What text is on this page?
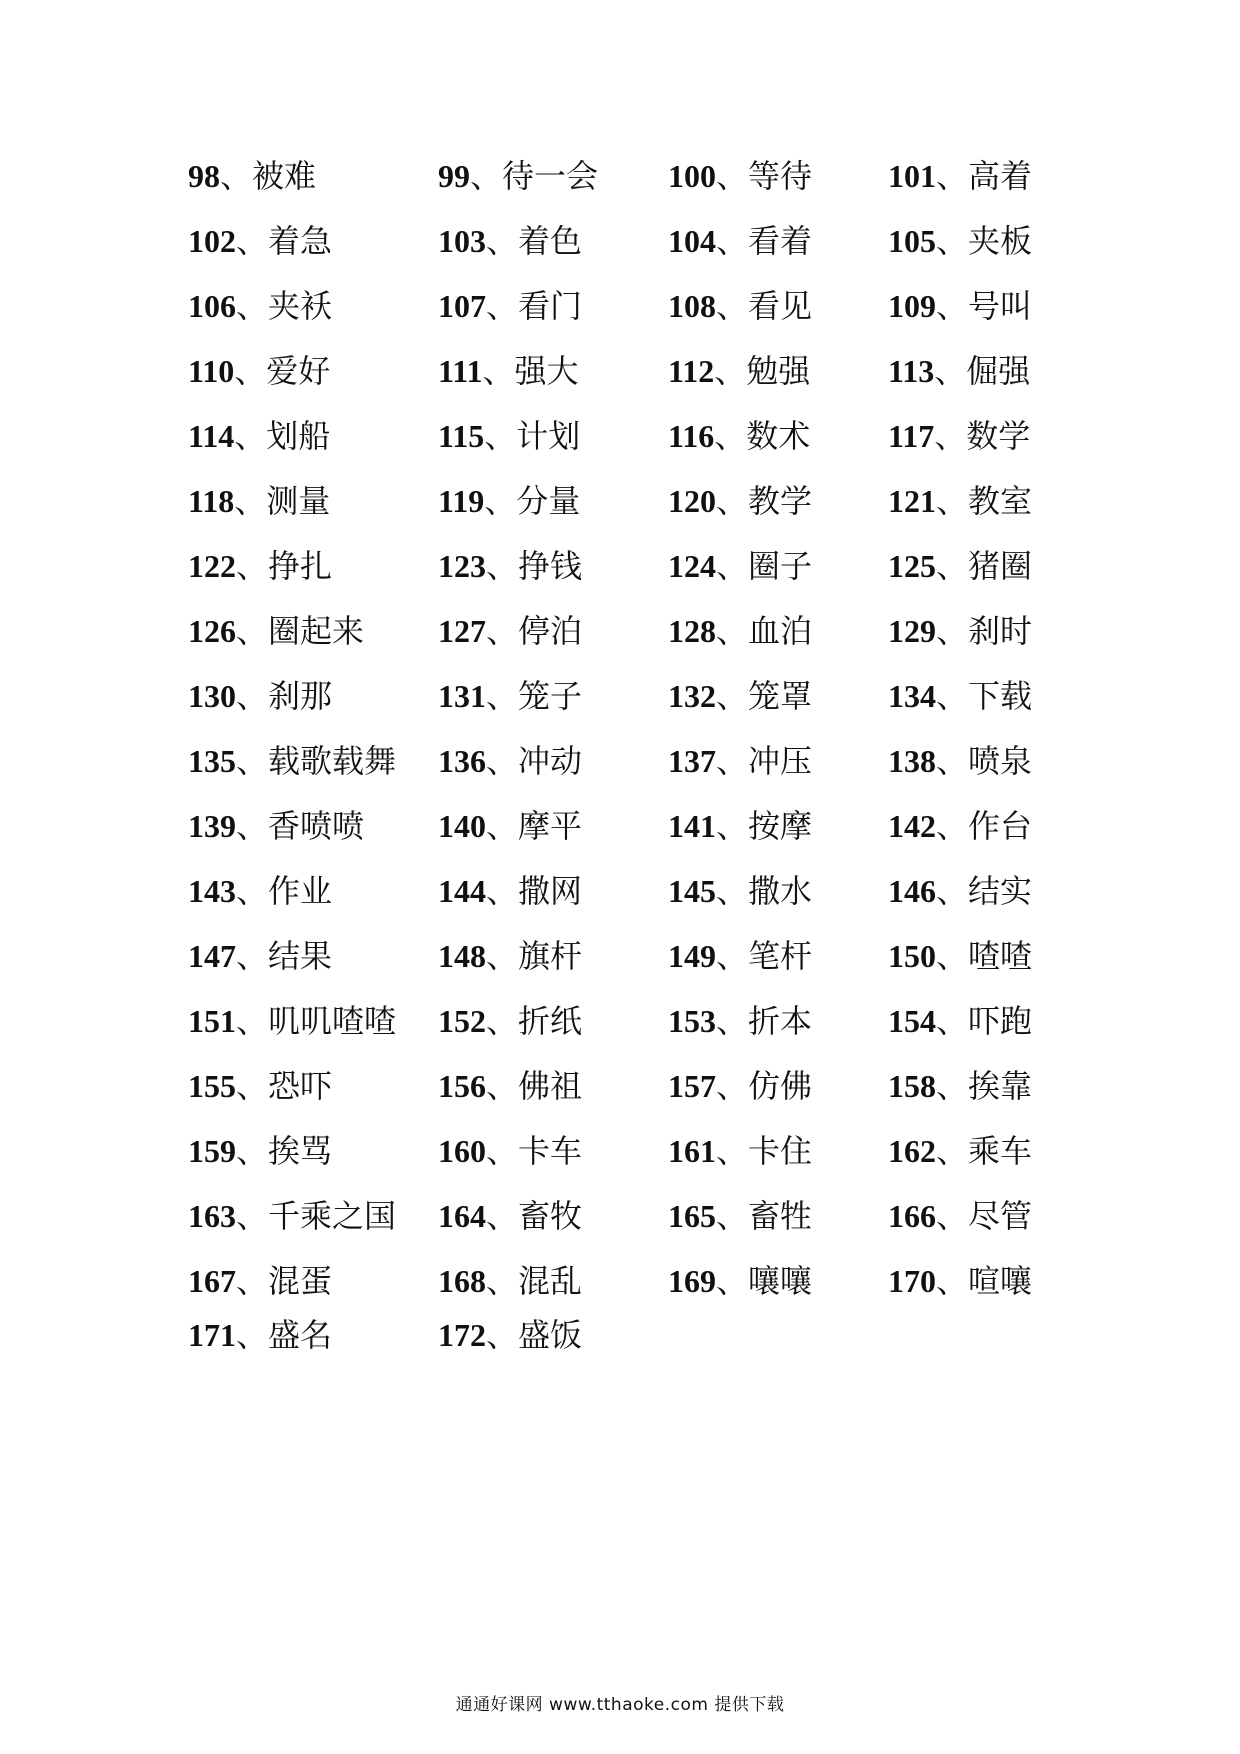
98、被难	99、待一会 100、等待 101、高着
102、着急	103、着色	104、看着 105、夹板
106、夹袄	107、看门	108、看见 109、号叫
110、爱好	111、强大	112、勉强 113、倔强
114、划船	115、计划	116、数术 117、数学
118、测量	119、分量	120、教学 121、教室
122、挣扎	123、挣钱	124、圈子 125、猪圈
126、圈起来 127、停泊	128、血泊 129、刹时
130、刹那	131、笼子	132、笼罩 134、下载
135、载歌载舞 136、冲动	137、冲压 138、喷泉
139、香喷喷 140、摩平	141、按摩 142、作台
143、作业	144、撒网	145、撒水 146、结实
147、结果	148、旗杆	149、笔杆 150、喳喳
151、叽叽喳喳 152、折纸	153、折本 154、吓跑
155、恐吓	156、佛祖	157、仿佛 158、挨靠
159、挨骂	160、卡车	161、卡住 162、乘车
163、千乘之国 164、畜牧	165、畜牲 166、尽管
167、混蛋	168、混乱	169、嚷嚷 170、喧嚷
171、盛名	172、盛饭
通通好课网 www.tthaoke.com 提供下载
